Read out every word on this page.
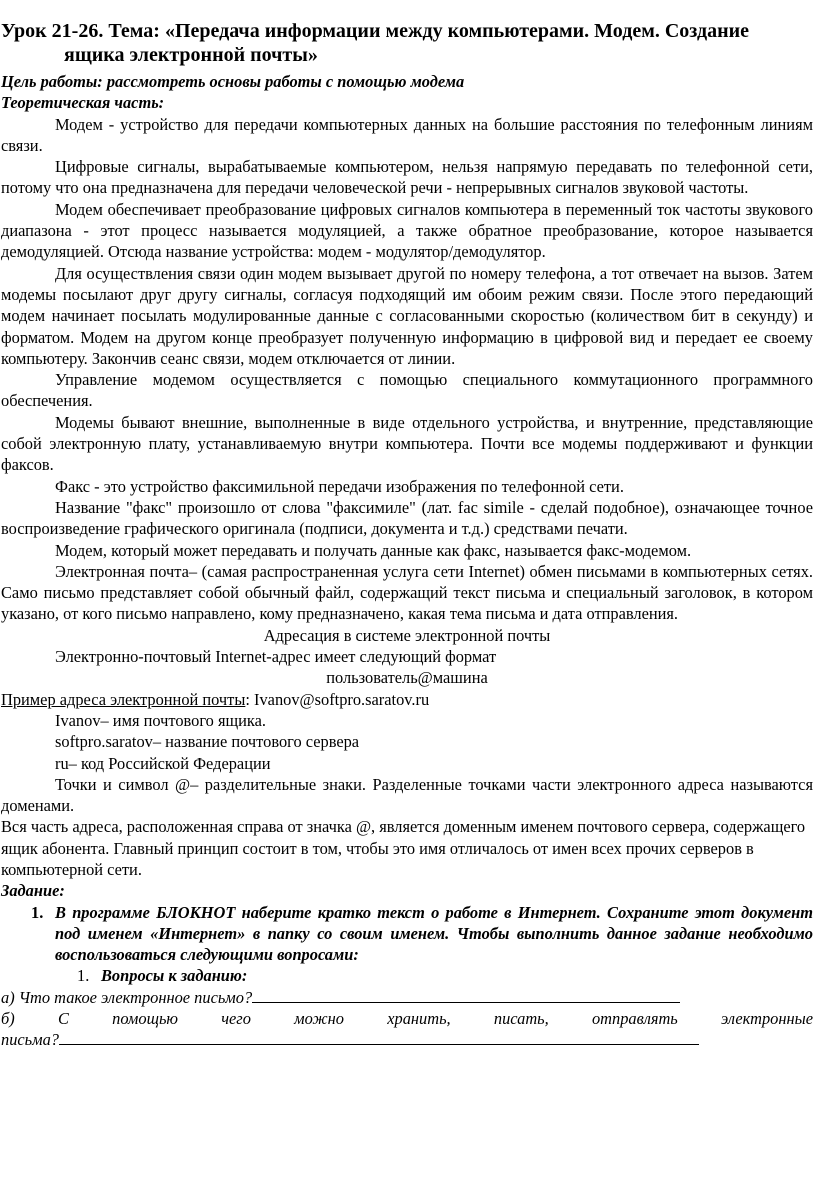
Урок 21-26. Тема: «Передача информации между компьютерами. Модем. Создание
ящика электронной почты»
Цель работы: рассмотреть основы работы с помощью модема
Теоретическая часть:

Модем - устройство для передачи компьютерных данных на большие расстояния по телефонным линиям связи.

Цифровые сигналы, вырабатываемые компьютером, нельзя напрямую передавать по телефонной сети, потому что она предназначена для передачи человеческой речи - непрерывных сигналов звуковой частоты.

Модем обеспечивает преобразование цифровых сигналов компьютера в переменный ток частоты звукового диапазона - этот процесс называется модуляцией, а также обратное преобразование, которое называется демодуляцией. Отсюда название устройства: модем - модулятор/демодулятор.

Для осуществления связи один модем вызывает другой по номеру телефона, а тот отвечает на вызов. Затем модемы посылают друг другу сигналы, согласуя подходящий им обоим режим связи. После этого передающий модем начинает посылать модулированные данные с согласованными скоростью (количеством бит в секунду) и форматом. Модем на другом конце преобразует полученную информацию в цифровой вид и передает ее своему компьютеру. Закончив сеанс связи, модем отключается от линии.

Управление модемом осуществляется с помощью специального коммутационного программного обеспечения.

Модемы бывают внешние, выполненные в виде отдельного устройства, и внутренние, представляющие собой электронную плату, устанавливаемую внутри компьютера. Почти все модемы поддерживают и функции факсов.

Факс - это устройство факсимильной передачи изображения по телефонной сети.

Название "факс" произошло от слова "факсимиле" (лат. fac simile - сделай подобное), означающее точное воспроизведение графического оригинала (подписи, документа и т.д.) средствами печати.

Модем, который может передавать и получать данные как факс, называется факс-модемом.

Электронная почта– (самая распространенная услуга сети Internet) обмен письмами в компьютерных сетях. Само письмо представляет собой обычный файл, содержащий текст письма и специальный заголовок, в котором указано, от кого письмо направлено, кому предназначено, какая тема письма и дата отправления.

Адресация в системе электронной почты
Электронно-почтовый Internet-адрес имеет следующий формат
пользователь@машина
Пример адреса электронной почты: Ivanov@softpro.saratov.ru
Ivanov– имя почтового ящика.
softpro.saratov– название почтового сервера
ru– код Российской Федерации

Точки и символ @– разделительные знаки. Разделенные точками части электронного адреса называются доменами.

Вся часть адреса, расположенная справа от значка @, является доменным именем почтового сервера, содержащего ящик абонента. Главный принцип состоит в том, чтобы это имя отличалось от имен всех прочих серверов в компьютерной сети.

Задание:
1. В программе БЛОКНОТ наберите кратко текст о работе в Интернет. Сохраните этот документ под именем «Интернет» в папку со своим именем. Чтобы выполнить данное задание необходимо воспользоваться следующими вопросами:
1. Вопросы к заданию:
а) Что такое электронное письмо?
б) С помощью чего можно хранить, писать, отправлять электронные
письма?
